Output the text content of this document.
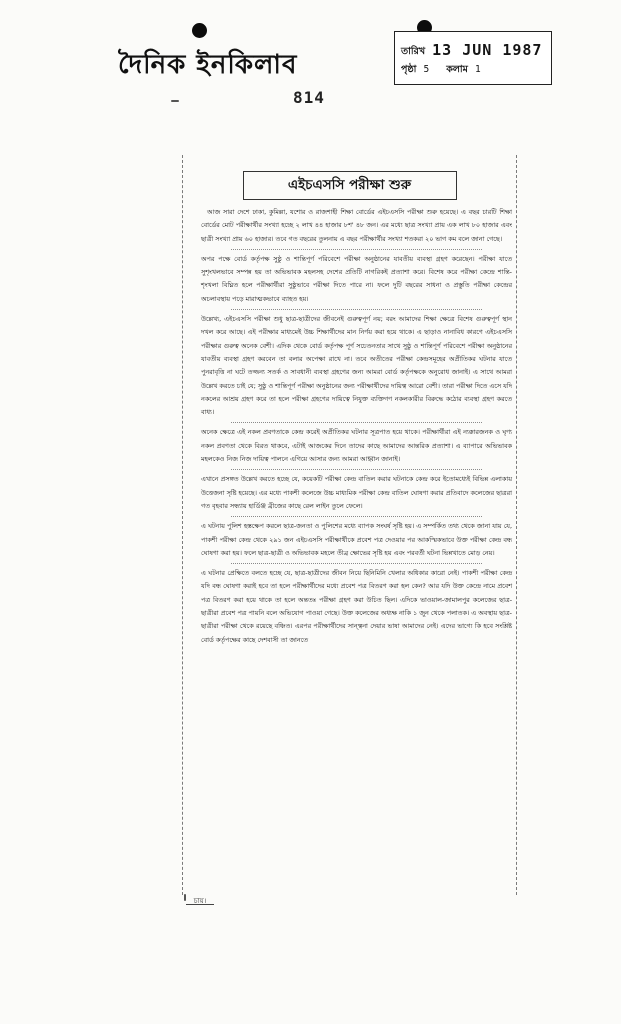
দৈনিক ইনকিলাব	তারিখ 13 JUN 1987
পৃষ্ঠা 5 কলাম 1
814
এইচএসসি পরীক্ষা শুরু

আজ সারা দেশে ঢাকা, কুমিল্লা, যশোর ও রাজশাহী শিক্ষা বোর্ডের এইচএসসি পরীক্ষা শুরু হয়েছে। এ বছর চারটি শিক্ষা বোর্ডের মোট পরীক্ষার্থীর সংখ্যা হচ্ছে ২ লাখ ৪৪ হাজার ৮শ' ৪৮ জন। এর মধ্যে ছাত্র সংখ্যা প্রায় এক লাখ ৮০ হাজার এবং ছাত্রী সংখ্যা প্রায় ৬০ হাজার। তবে গত বছরের তুলনায় এ বছর পরীক্ষার্থীর সংখ্যা শতকরা ২০ ভাগ কম বলে জানা গেছে।

অপর পক্ষে বোর্ড কর্তৃপক্ষ সুষ্ঠু ও শান্তিপূর্ণ পরিবেশে পরীক্ষা অনুষ্ঠানের যাবতীয় ব্যবস্থা গ্রহণ করেছেন। পরীক্ষা যাতে সুশৃংখলভাবে সম্পন্ন হয় তা অভিভাবক মহলসহ দেশের প্রতিটি নাগরিকই প্রত্যাশা করে। বিশেষ করে পরীক্ষা কেন্দ্রে শান্তি-শৃংখলা বিঘ্নিত হলে পরীক্ষার্থীরা সুষ্ঠুভাবে পরীক্ষা দিতে পারে না। ফলে দুটি বছরের সাধনা ও প্রস্তুতি পরীক্ষা কেন্দ্রের অচলাবস্থায় পড়ে মারাত্মকভাবে ব্যাহত হয়।

উল্লেখ্য, এইচএসসি পরীক্ষা শুধু ছাত্র-ছাত্রীদের জীবনেই গুরুত্বপূর্ণ নয়; বরং আমাদের শিক্ষা ক্ষেত্রে বিশেষ গুরুত্বপূর্ণ স্থান দখল করে আছে। এই পরীক্ষার মাধ্যমেই উচ্চ শিক্ষার্থীদের মান নির্ণয় করা হয়ে থাকে। এ ছাড়াও নানাবিধ কারণে এইচএসসি পরীক্ষার গুরুত্ব অনেক বেশী। এদিক থেকে বোর্ড কর্তৃপক্ষ পূর্ণ সচেতনতার সাথে সুষ্ঠু ও শান্তিপূর্ণ পরিবেশে পরীক্ষা অনুষ্ঠানের যাবতীয় ব্যবস্থা গ্রহণ করবেন তা বলার অপেক্ষা রাখে না। তবে অতীতের পরীক্ষা কেন্দ্রসমূহের অপ্রীতিকর ঘটনার যাতে পুনরাবৃত্তি না ঘটে তজ্জন্য সতর্ক ও সাবধানী ব্যবস্থা গ্রহণের জন্য আমরা বোর্ড কর্তৃপক্ষকে অনুরোধ জানাই। এ সাথে আমরা উল্লেখ করতে চাই যে; সুষ্ঠু ও শান্তিপূর্ণ পরীক্ষা অনুষ্ঠানের জন্য পরীক্ষার্থীদের দায়িত্ব আরো বেশী। তারা পরীক্ষা দিতে এসে যদি নকলের আশ্রয় গ্রহণ করে তা হলে পরীক্ষা গ্রহণের দায়িত্বে নিযুক্ত ব্যক্তিগণ নকলকারীর বিরুদ্ধে কঠোর ব্যবস্থা গ্রহণ করতে বাধ্য।

অনেক ক্ষেত্রে এই নকল প্রবণতাকে কেন্দ্র করেই অপ্রীতিকর ঘটনার সূত্রপাত হয়ে থাকে। পরীক্ষার্থীরা এই ন্যক্কারজনক ও ঘৃণ্য নকল প্রবণতা থেকে বিরত থাকবে, এটাই আজকের দিনে তাদের কাছে আমাদের আন্তরিক প্রত্যাশা। এ ব্যাপারে অভিভাবক মহলকেও নিজ নিজ দায়িত্ব পালনে এগিয়ে আসার জন্য আমরা আহ্বান জানাই।

এখানে প্রসঙ্গত উল্লেখ করতে হচ্ছে যে, কয়েকটি পরীক্ষা কেন্দ্র বাতিল করার ঘটনাকে কেন্দ্র করে ইতোমধ্যেই বিভিন্ন এলাকায় উত্তেজনা সৃষ্টি হয়েছে। এর মধ্যে পাকশী কলেজে উচ্চ মাধ্যমিক পরীক্ষা কেন্দ্র বাতিল ঘোষণা করার প্রতিবাদে কলেজের ছাত্ররা গত বৃহবার সন্ধ্যায় হার্ডিঞ্জ ব্রীজের কাছে রেল লাইন তুলে ফেলে।

এ ঘটনায় পুলিশ হস্তক্ষেপ করলে ছাত্র-জনতা ও পুলিশের মধ্যে ব্যাপক সংঘর্ষ সৃষ্টি হয়। এ সম্পর্কিত তথ্য থেকে জানা যায় যে, পাকশী পরীক্ষা কেন্দ্র থেকে ২৯১ জন এইচএসসি পরীক্ষার্থীকে প্রবেশ পত্র দেওয়ার পর আকস্মিকভাবে উক্ত পরীক্ষা কেন্দ্র বন্ধ ঘোষণা করা হয়। ফলে ছাত্র-ছাত্রী ও অভিভাবক মহলে তীব্র ক্ষোভের সৃষ্টি হয় এবং পরবর্তী ঘটনা ভিন্নখাতে মোড় নেয়।

এ ঘটনার প্রেক্ষিতে বলতে হচ্ছে যে, ছাত্র-ছাত্রীদের জীবন নিয়ে ছিনিমিনি খেলার অধিকার কারো নেই। পাকশী পরীক্ষা কেন্দ্র যদি বন্ধ ঘোষণা করাই হবে তা হলে পরীক্ষার্থীদের মধ্যে প্রবেশ পত্র বিতরণ করা হল কেন? আর যদি উক্ত কেন্দ্রে নামে প্রবেশ পত্র বিতরণ করা হয়ে থাকে তা হলে অন্ততঃ পরীক্ষা গ্রহণ করা উচিত ছিল। এদিকে ভাওয়াল-জামালপুর কলেজের ছাত্র-ছাত্রীরা প্রবেশ পত্র পায়নি বলে অভিযোগ পাওয়া গেছে। উক্ত কলেজের অধ্যক্ষ নাকি ১ জুন থেকে পলাতক। এ অবস্থায় ছাত্র-ছাত্রীরা পরীক্ষা থেকে রয়েছে বঞ্চিত। এরপর পরীক্ষার্থীদের সান্ত্বনা দেয়ার ভাষা আমাদের নেই। এদের ভাগ্যে কি হবে সংশ্লিষ্ট বোর্ড কর্তৃপক্ষের কাছে দেশবাসী তা জানতে

চায়।
